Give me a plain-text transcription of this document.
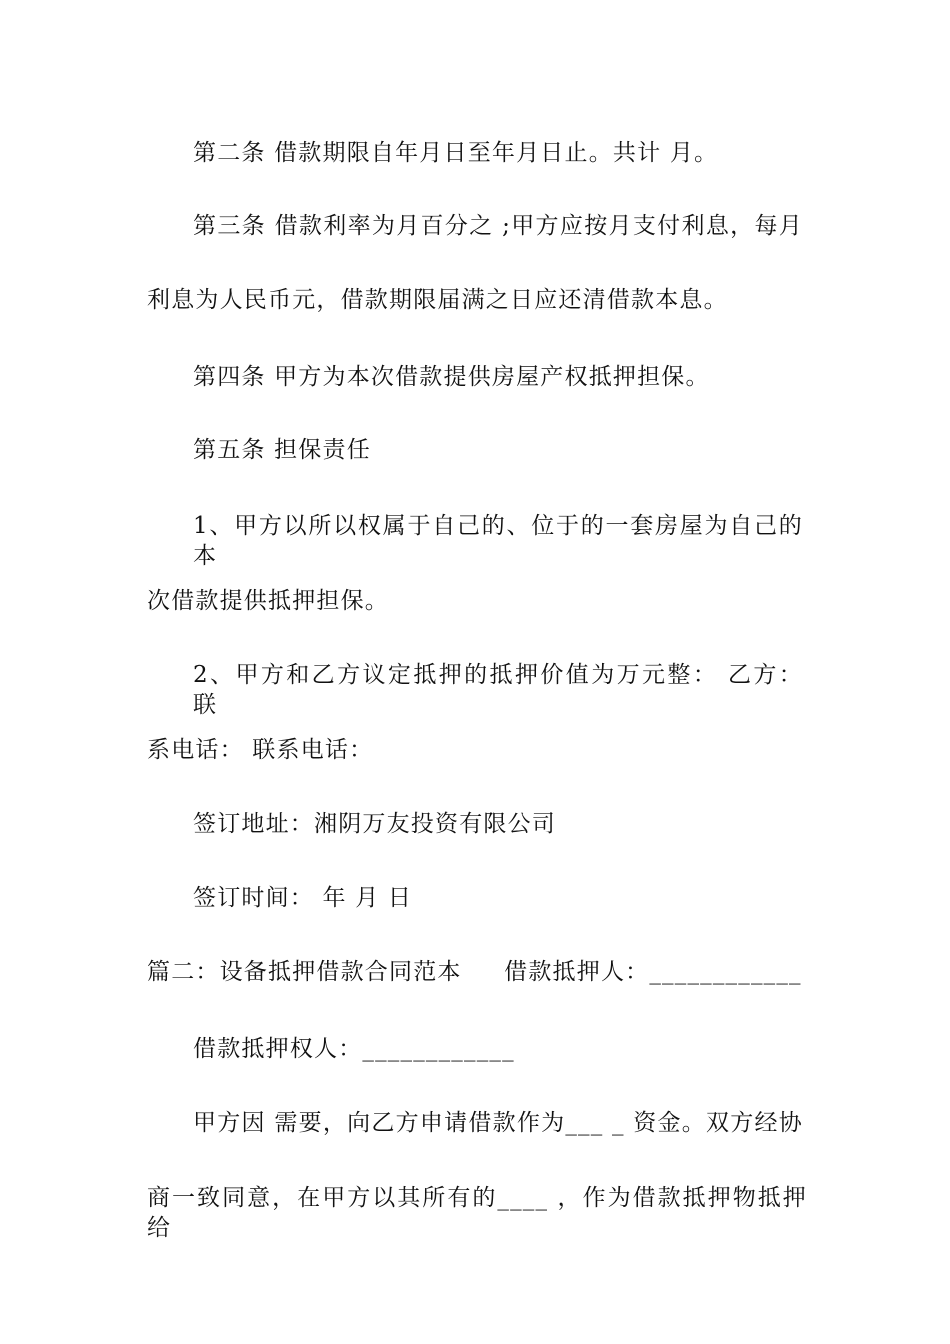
第二条 借款期限自年月日至年月日止。共计 月。
第三条 借款利率为月百分之 ;甲方应按月支付利息，每月
利息为人民币元，借款期限届满之日应还清借款本息。
第四条 甲方为本次借款提供房屋产权抵押担保。
第五条 担保责任
1、甲方以所以权属于自己的、位于的一套房屋为自己的本
次借款提供抵押担保。
2、甲方和乙方议定抵押的抵押价值为万元整： 乙方： 联
系电话： 联系电话：
签订地址：湘阴万友投资有限公司
签订时间： 年 月 日
篇二：设备抵押借款合同范本     借款抵押人：____________
借款抵押权人：____________
甲方因 需要，向乙方申请借款作为___ _ 资金。双方经协
商一致同意，在甲方以其所有的____ ，作为借款抵押物抵押给
